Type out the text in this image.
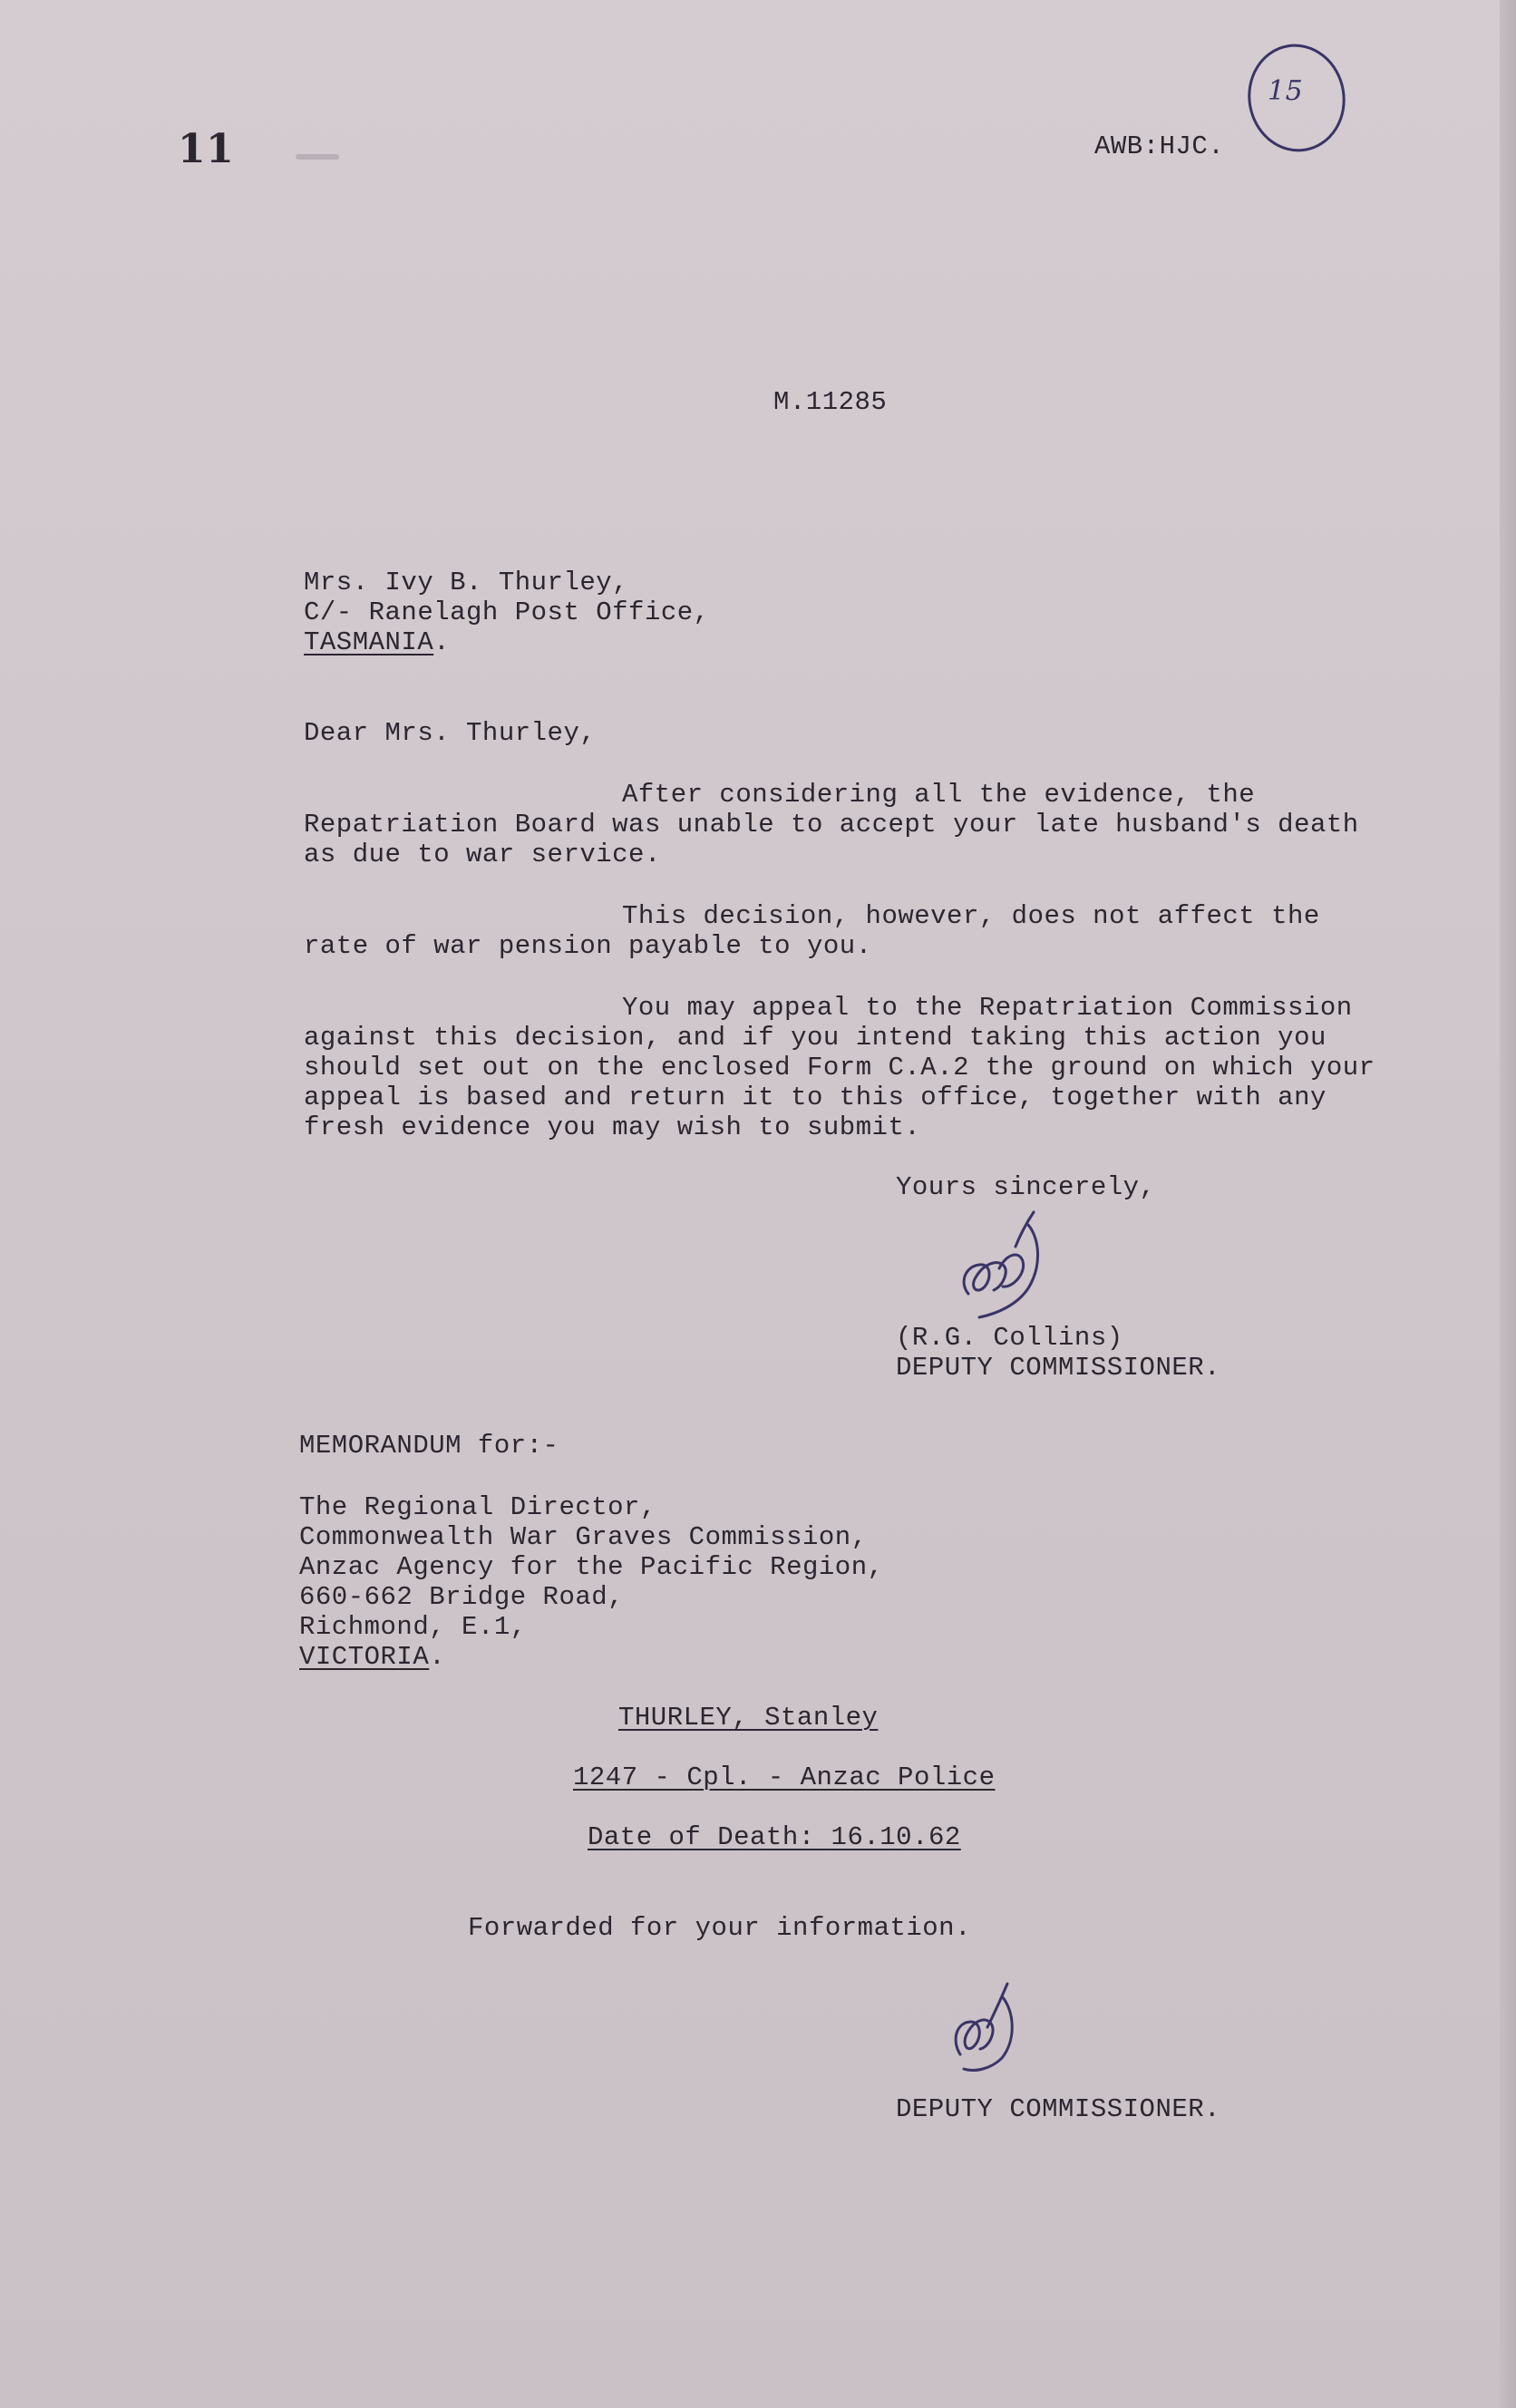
11	AWB:HJC.

15

M.11285

Mrs. Ivy B. Thurley,

C/- Ranelagh Post Office,

TASMANIA.

Dear Mrs. Thurley,

After considering all the evidence, the

Repatriation Board was unable to accept your late husband's death

as due to war service.

This decision, however, does not affect the

rate of war pension payable to you.

You may appeal to the Repatriation Commission

against this decision, and if you intend taking this action you

should set out on the enclosed Form C.A.2 the ground on which your

appeal is based and return it to this office, together with any

fresh evidence you may wish to submit.

Yours sincerely,

(R.G. Collins)

DEPUTY COMMISSIONER.

MEMORANDUM for:-

The Regional Director,

Commonwealth War Graves Commission,

Anzac Agency for the Pacific Region,

660-662 Bridge Road,

Richmond, E.1,

VICTORIA.

THURLEY, Stanley

1247 - Cpl. - Anzac Police

Date of Death: 16.10.62

Forwarded for your information.

DEPUTY COMMISSIONER.
